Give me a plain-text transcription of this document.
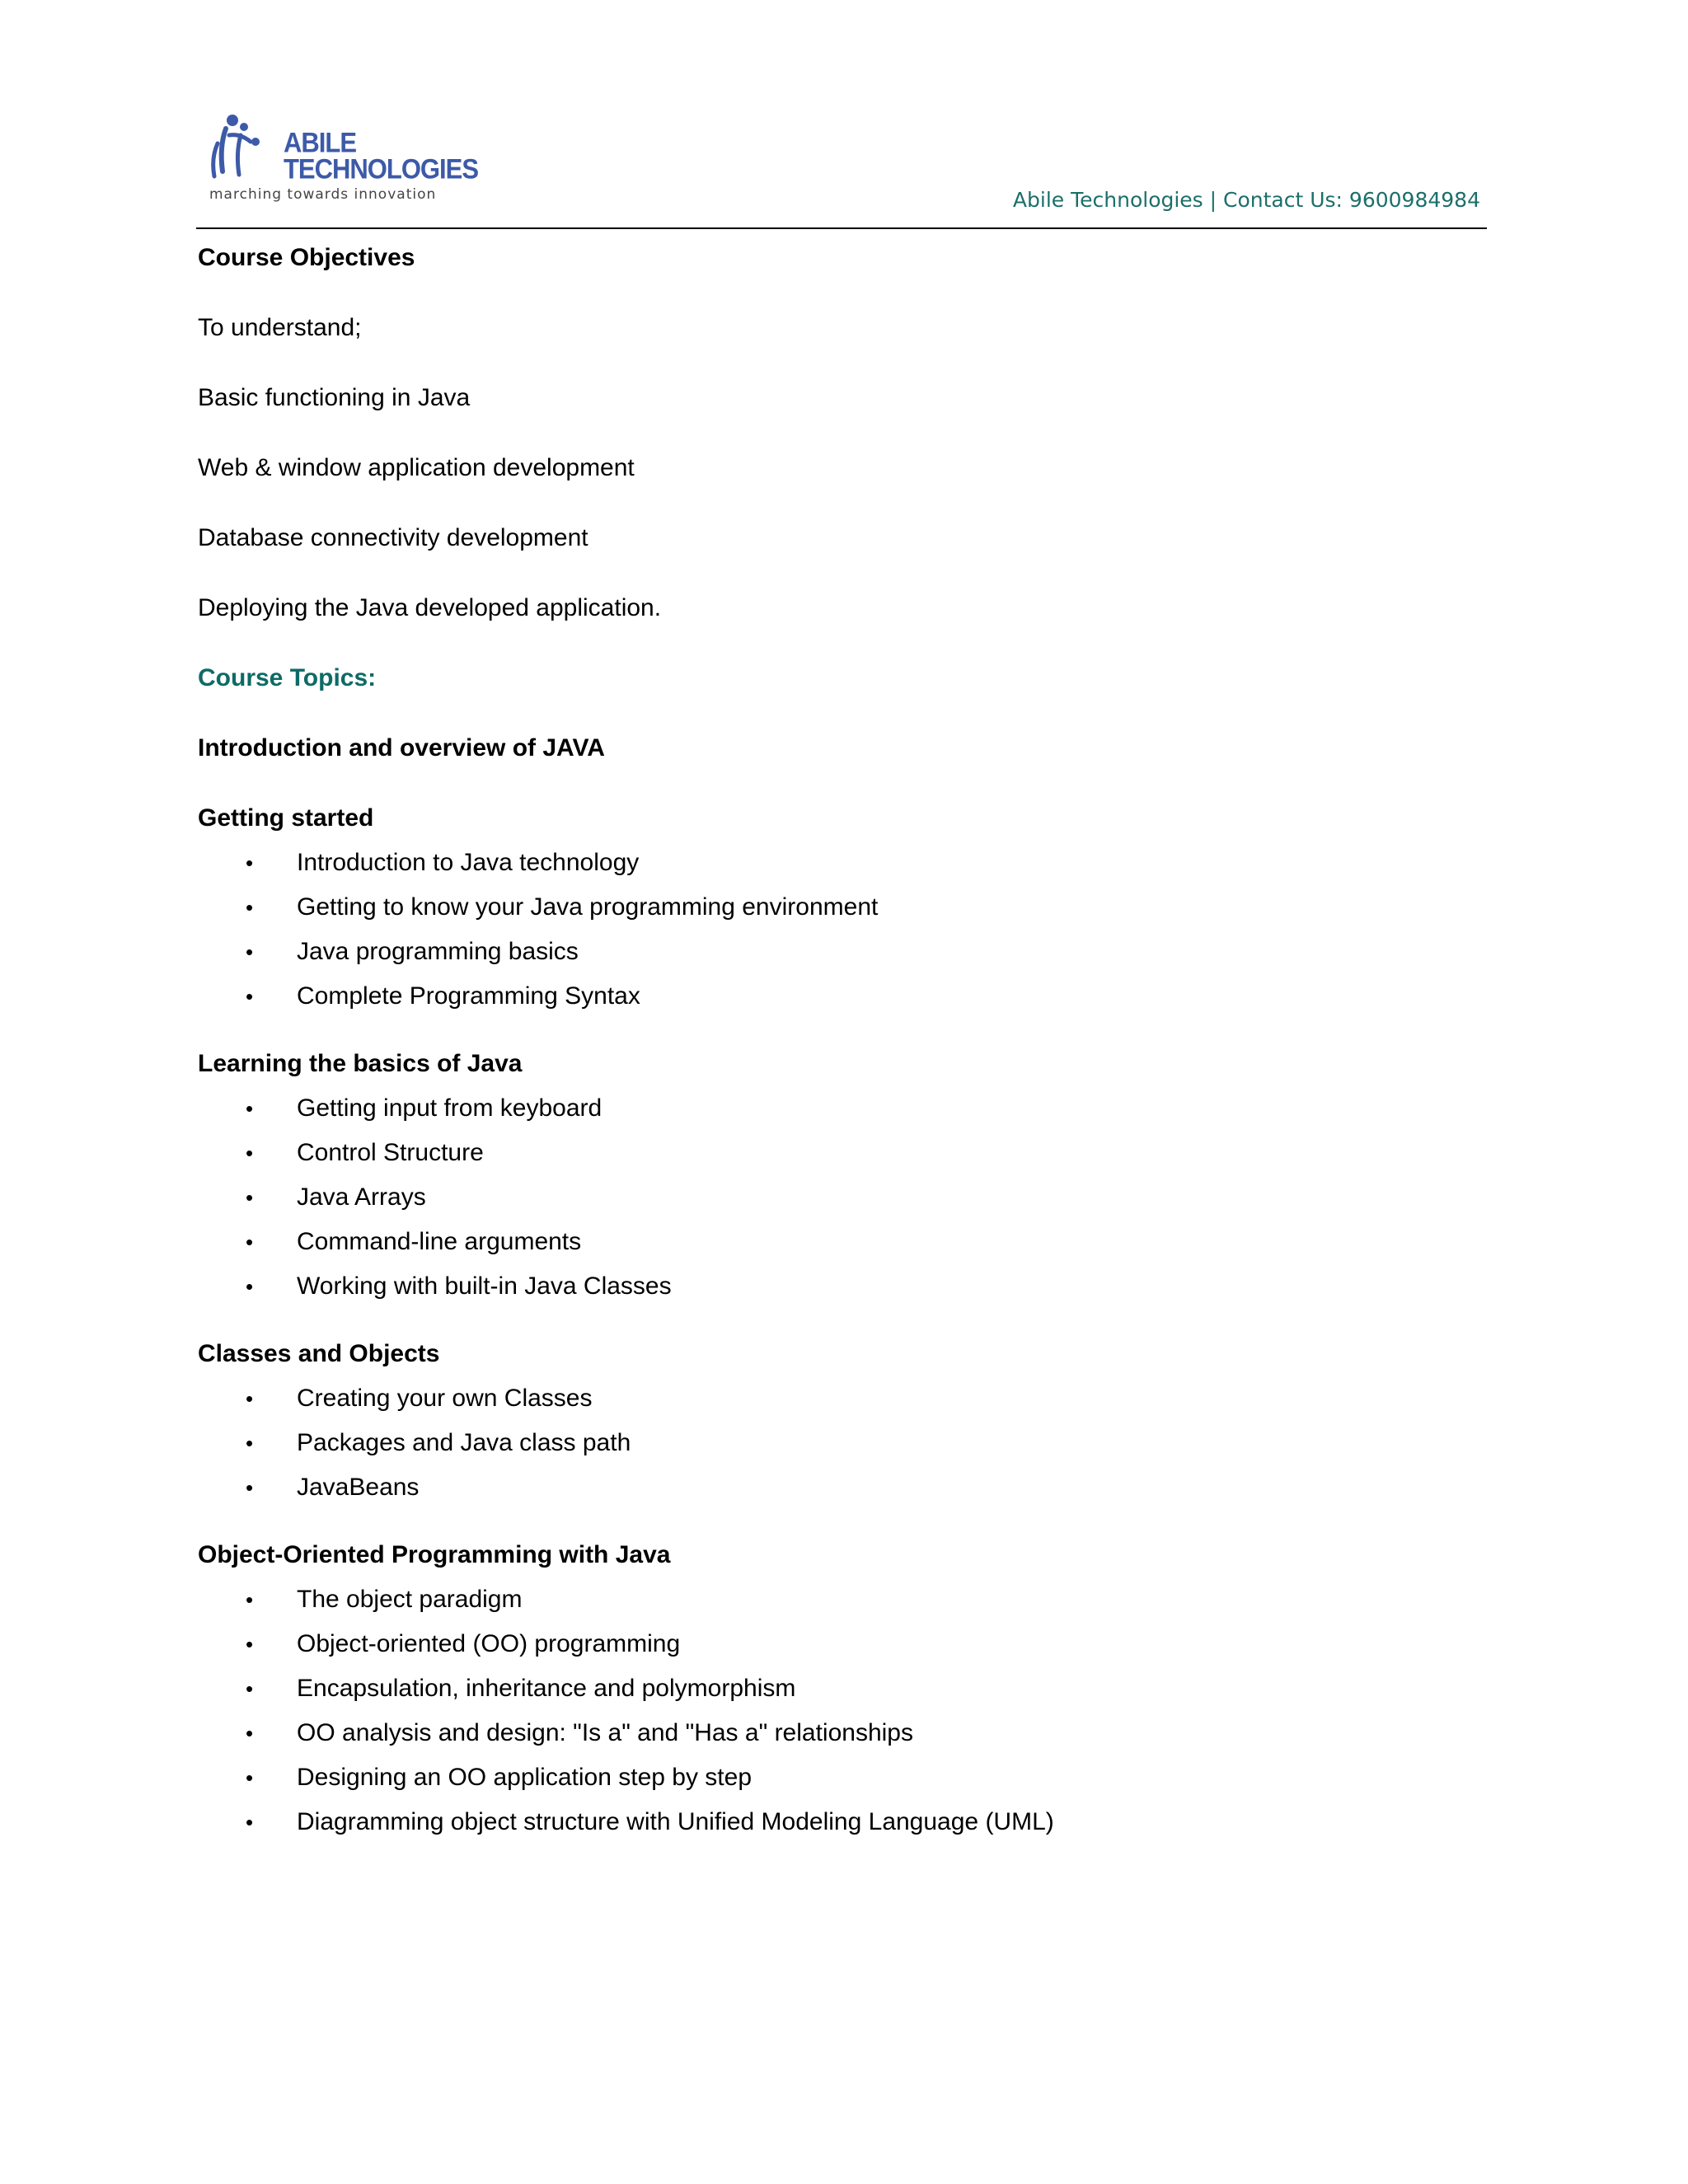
ABILE
TECHNOLOGIES
marching towards innovation	Abile Technologies | Contact Us: 9600984984

Course Objectives

To understand;

Basic functioning in Java

Web & window application development

Database connectivity development

Deploying the Java developed application.

Course Topics:

Introduction and overview of JAVA

Getting started

• Introduction to Java technology
• Getting to know your Java programming environment
• Java programming basics
• Complete Programming Syntax

Learning the basics of Java

• Getting input from keyboard
• Control Structure
• Java Arrays
• Command-line arguments
• Working with built-in Java Classes

Classes and Objects

• Creating your own Classes
• Packages and Java class path
• JavaBeans

Object-Oriented Programming with Java

• The object paradigm
• Object-oriented (OO) programming
• Encapsulation, inheritance and polymorphism
• OO analysis and design: "Is a" and "Has a" relationships
• Designing an OO application step by step
• Diagramming object structure with Unified Modeling Language (UML)
